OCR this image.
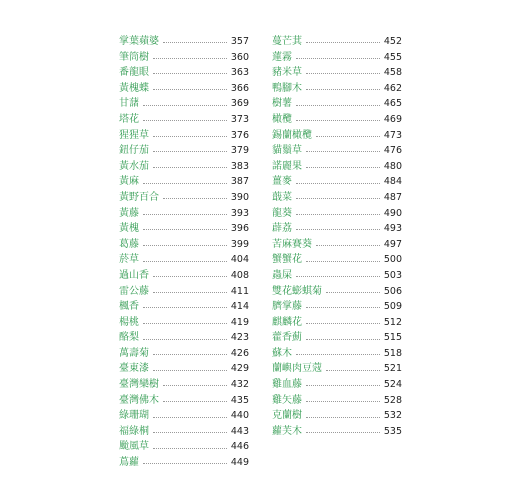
掌葉蘋婆	357
筆筒樹	360
番龍眼	363
黃槐蝶	366
甘藷	369
塔花	373
猩猩草	376
鈕仔茄	379
黃水茄	383
黃麻	387
黃野百合	390
黃藤	393
黃槐	396
葛藤	399
菸草	404
過山香	408
雷公藤	411
楓香	414
楊桃	419
酪梨	423
萬壽菊	426
臺東漆	429
臺灣欒樹	432
臺灣佛木	435
綠珊瑚	440
福綠桐	443
颱風草	446
蔦蘿	449
蔓芒萁	452
蓮霧	455
豬米草	458
鴨腳木	462
樹薯	465
橄欖	469
錫蘭橄欖	473
貓鬚草	476
諾麗果	480
薑麥	484
蕺菜	487
龍葵	490
薜荔	493
苦麻賽葵	497
蟹蟹花	500
蟲屎	503
雙花蟛蜞菊	506
臍掌藤	509
麒麟花	512
藿香薊	515
蘇木	518
蘭嶼肉豆蔻	521
雞血藤	524
雞矢藤	528
克蘭樹	532
蘿芙木	535
